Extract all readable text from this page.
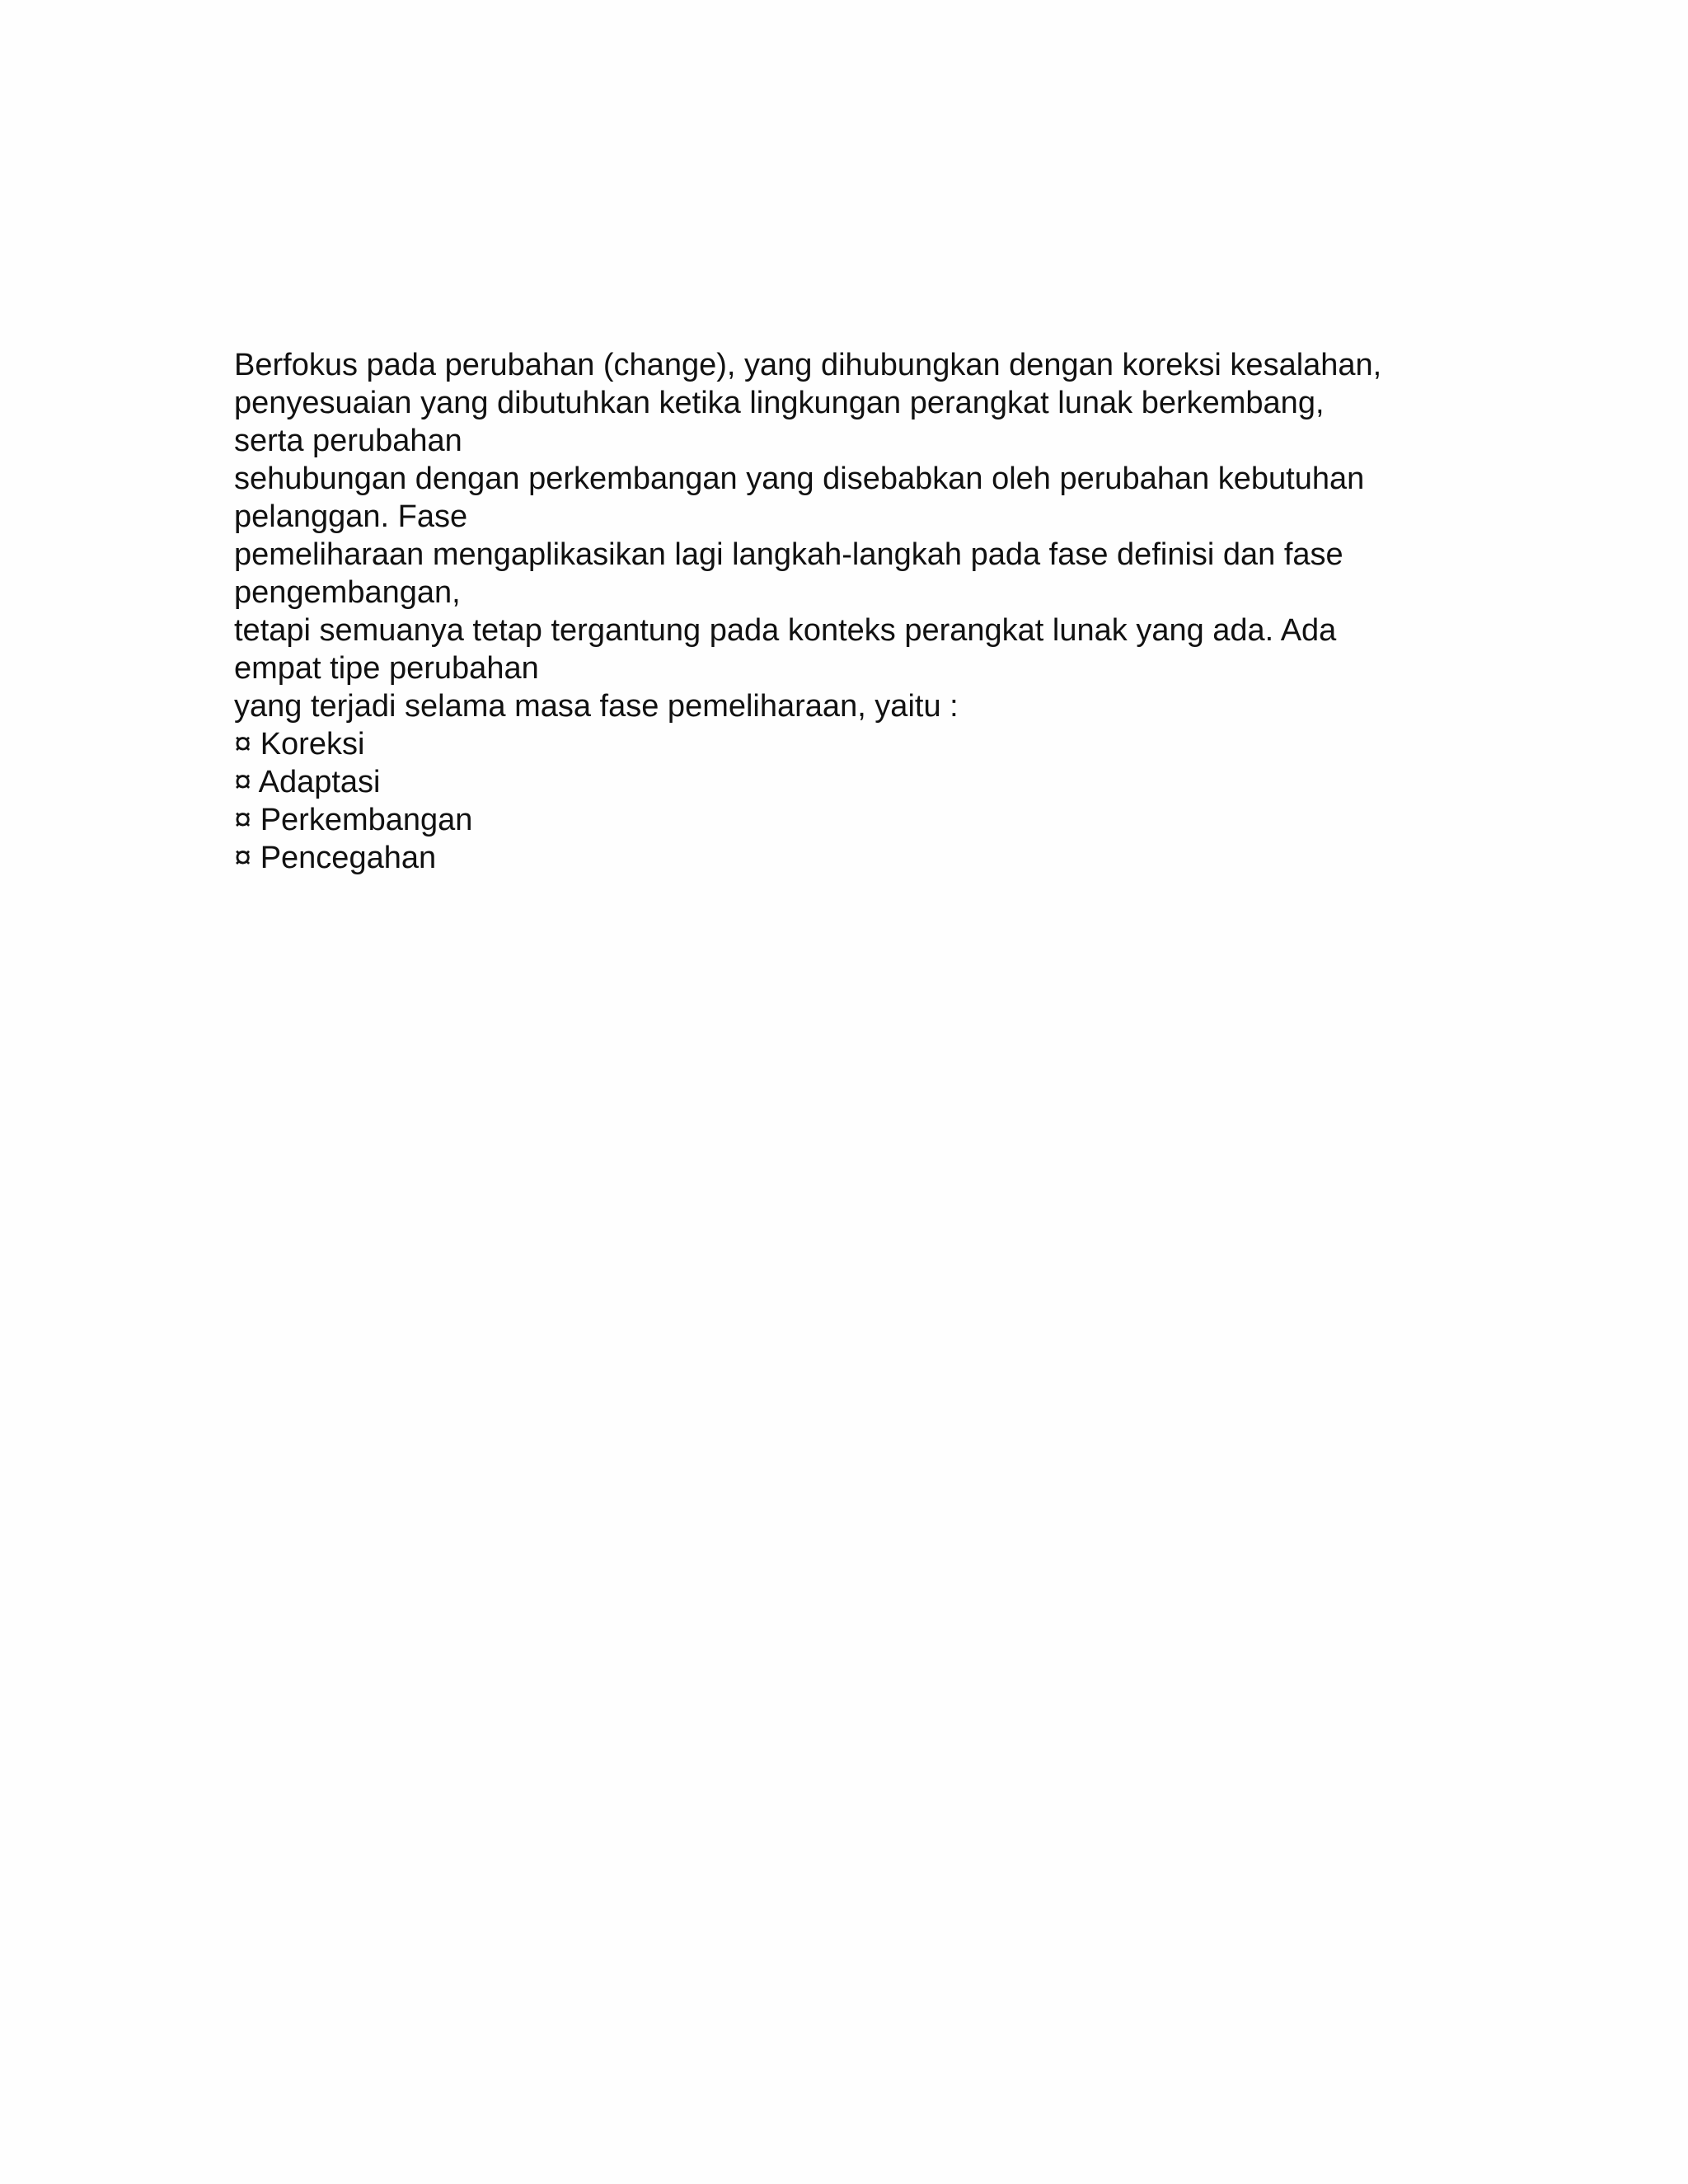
Berfokus pada perubahan (change), yang dihubungkan dengan koreksi kesalahan,
penyesuaian yang dibutuhkan ketika lingkungan perangkat lunak berkembang,
serta perubahan
sehubungan dengan perkembangan yang disebabkan oleh perubahan kebutuhan
pelanggan. Fase
pemeliharaan mengaplikasikan lagi langkah-langkah pada fase definisi dan fase
pengembangan,
tetapi semuanya tetap tergantung pada konteks perangkat lunak yang ada. Ada
empat tipe perubahan
yang terjadi selama masa fase pemeliharaan, yaitu :
¤ Koreksi
¤ Adaptasi
¤ Perkembangan
¤ Pencegahan
